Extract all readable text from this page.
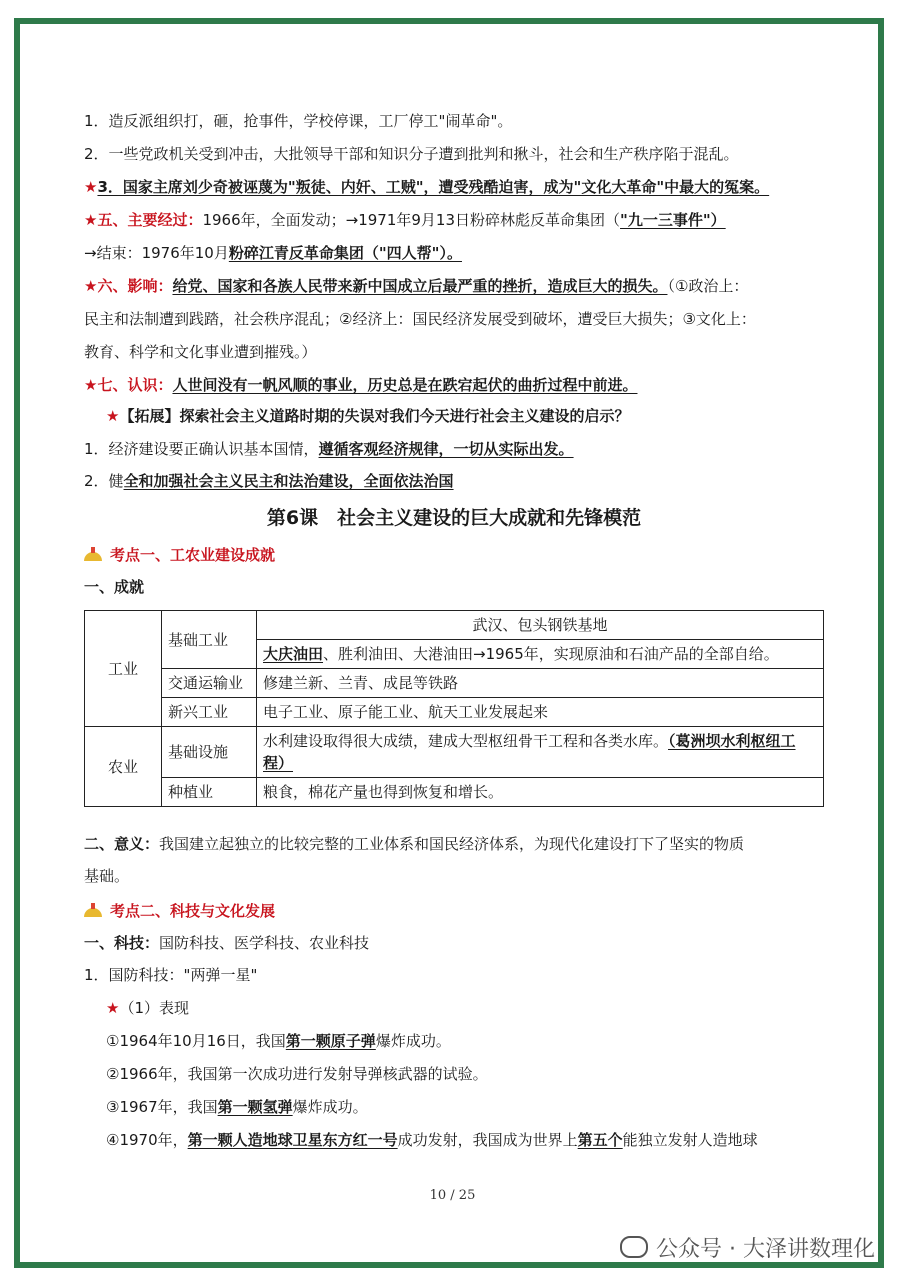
1．造反派组织打，砸，抢事件，学校停课，工厂停工"闹革命"。
2．一些党政机关受到冲击，大批领导干部和知识分子遭到批判和揪斗，社会和生产秩序陷于混乱。
★3．国家主席刘少奇被诬蔑为"叛徒、内奸、工贼"，遭受残酷迫害，成为"文化大革命"中最大的冤案。
★五、主要经过：1966年，全面发动；→1971年9月13日粉碎林彪反革命集团（"九一三事件"）
→结束：1976年10月粉碎江青反革命集团（"四人帮"）。
★六、影响：给党、国家和各族人民带来新中国成立后最严重的挫折，造成巨大的损失。（①政治上：
民主和法制遭到践踏，社会秩序混乱；②经济上：国民经济发展受到破坏，遭受巨大损失；③文化上：
教育、科学和文化事业遭到摧残。）
★七、认识：人世间没有一帆风顺的事业，历史总是在跌宕起伏的曲折过程中前进。
★【拓展】探索社会主义道路时期的失误对我们今天进行社会主义建设的启示？
1．经济建设要正确认识基本国情，遵循客观经济规律，一切从实际出发。
2．健全和加强社会主义民主和法治建设，全面依法治国
第6课　社会主义建设的巨大成就和先锋模范
考点一、工农业建设成就
一、成就
工业	基础工业	武汉、包头钢铁基地
		大庆油田、胜利油田、大港油田→1965年，实现原油和石油产品的全部自给。
	交通运输业	修建兰新、兰青、成昆等铁路
	新兴工业	电子工业、原子能工业、航天工业发展起来
农业	基础设施	水利建设取得很大成绩，建成大型枢纽骨干工程和各类水库。（葛洲坝水利枢纽工程）
	种植业	粮食，棉花产量也得到恢复和增长。
二、意义：我国建立起独立的比较完整的工业体系和国民经济体系，为现代化建设打下了坚实的物质
基础。
考点二、科技与文化发展
一、科技：国防科技、医学科技、农业科技
1．国防科技："两弹一星"
★（1）表现
①1964年10月16日，我国第一颗原子弹爆炸成功。
②1966年，我国第一次成功进行发射导弹核武器的试验。
③1967年，我国第一颗氢弹爆炸成功。
④1970年，第一颗人造地球卫星东方红一号成功发射，我国成为世界上第五个能独立发射人造地球
10 / 25
公众号 · 大泽讲数理化
